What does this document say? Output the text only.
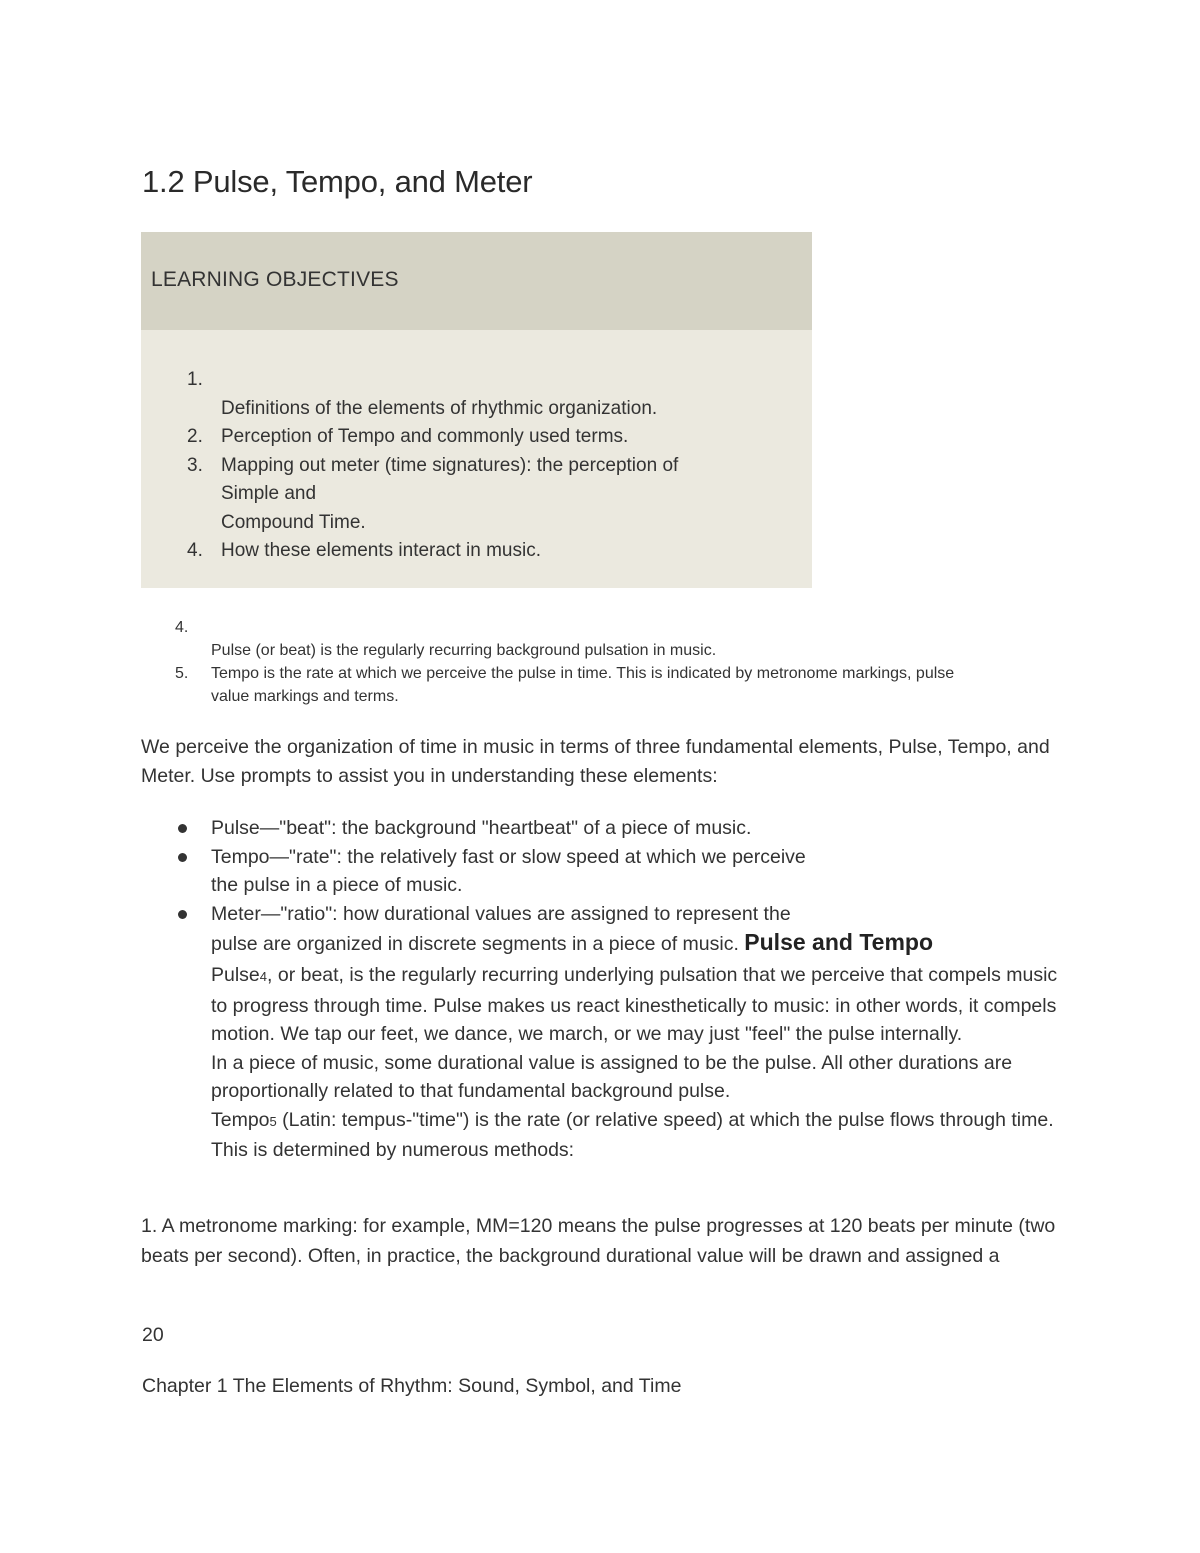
1.2 Pulse, Tempo, and Meter
LEARNING OBJECTIVES
1.
Definitions of the elements of rhythmic organization.
2. Perception of Tempo and commonly used terms.
3. Mapping out meter (time signatures): the perception of
Simple and
Compound Time.
4. How these elements interact in music.
4.
Pulse (or beat) is the regularly recurring background pulsation in music.
5. Tempo is the rate at which we perceive the pulse in time. This is indicated by metronome markings, pulse
value markings and terms.

We perceive the organization of time in music in terms of three fundamental elements, Pulse, Tempo, and Meter. Use prompts to assist you in understanding these elements:

Pulse—"beat": the background "heartbeat" of a piece of music.
Tempo—"rate": the relatively fast or slow speed at which we perceive
the pulse in a piece of music.
Meter—"ratio": how durational values are assigned to represent the
pulse are organized in discrete segments in a piece of music. Pulse and Tempo

Pulse4, or beat, is the regularly recurring underlying pulsation that we perceive that compels music to progress through time. Pulse makes us react kinesthetically to music: in other words, it compels motion. We tap our feet, we dance, we march, or we may just "feel" the pulse internally.

In a piece of music, some durational value is assigned to be the pulse. All other durations are proportionally related to that fundamental background pulse.

Tempo5 (Latin: tempus-"time") is the rate (or relative speed) at which the pulse flows through time. This is determined by numerous methods:

1. A metronome marking: for example, MM=120 means the pulse progresses at 120 beats per minute (two beats per second). Often, in practice, the background durational value will be drawn and assigned a

20
Chapter 1 The Elements of Rhythm: Sound, Symbol, and Time
